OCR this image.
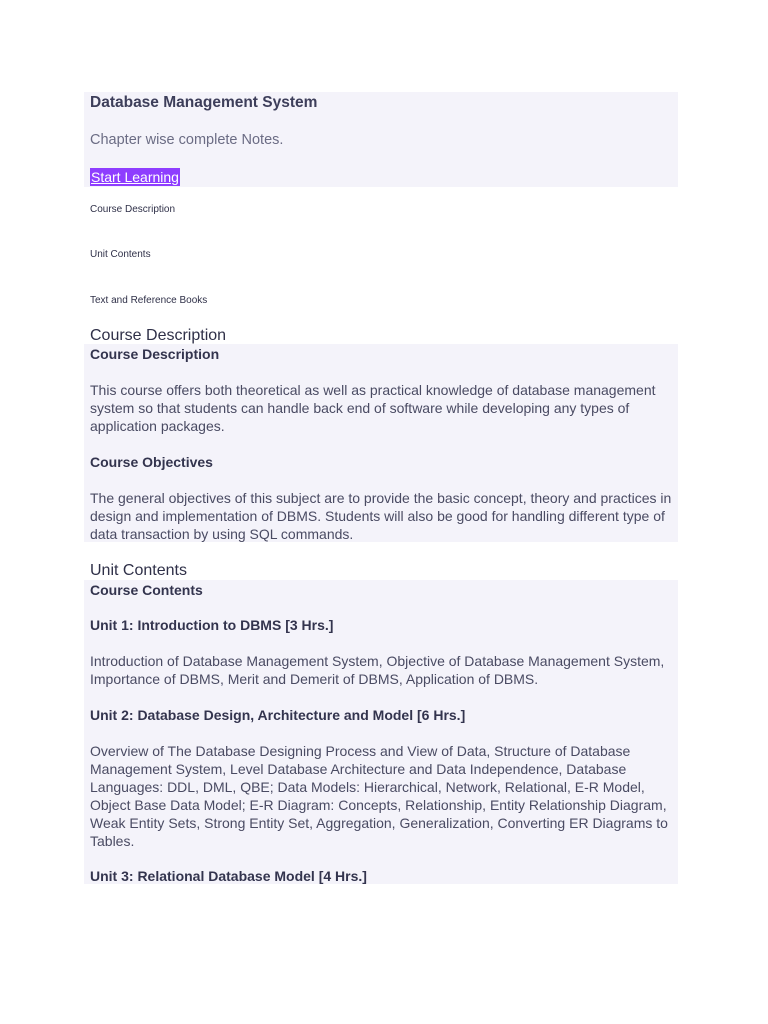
Database Management System
Chapter wise complete Notes.
Start Learning
Course Description
Unit Contents
Text and Reference Books
Course Description
Course Description
This course offers both theoretical as well as practical knowledge of database management system so that students can handle back end of software while developing any types of application packages.
Course Objectives
The general objectives of this subject are to provide the basic concept, theory and practices in design and implementation of DBMS. Students will also be good for handling different type of data transaction by using SQL commands.
Unit Contents
Course Contents
Unit 1: Introduction to DBMS [3 Hrs.]
Introduction of Database Management System, Objective of Database Management System, Importance of DBMS, Merit and Demerit of DBMS, Application of DBMS.
Unit 2: Database Design, Architecture and Model [6 Hrs.]
Overview of The Database Designing Process and View of Data, Structure of Database Management System, Level Database Architecture and Data Independence, Database Languages: DDL, DML, QBE; Data Models: Hierarchical, Network, Relational, E-R Model, Object Base Data Model; E-R Diagram: Concepts, Relationship, Entity Relationship Diagram, Weak Entity Sets, Strong Entity Set, Aggregation, Generalization, Converting ER Diagrams to Tables.
Unit 3: Relational Database Model [4 Hrs.]
